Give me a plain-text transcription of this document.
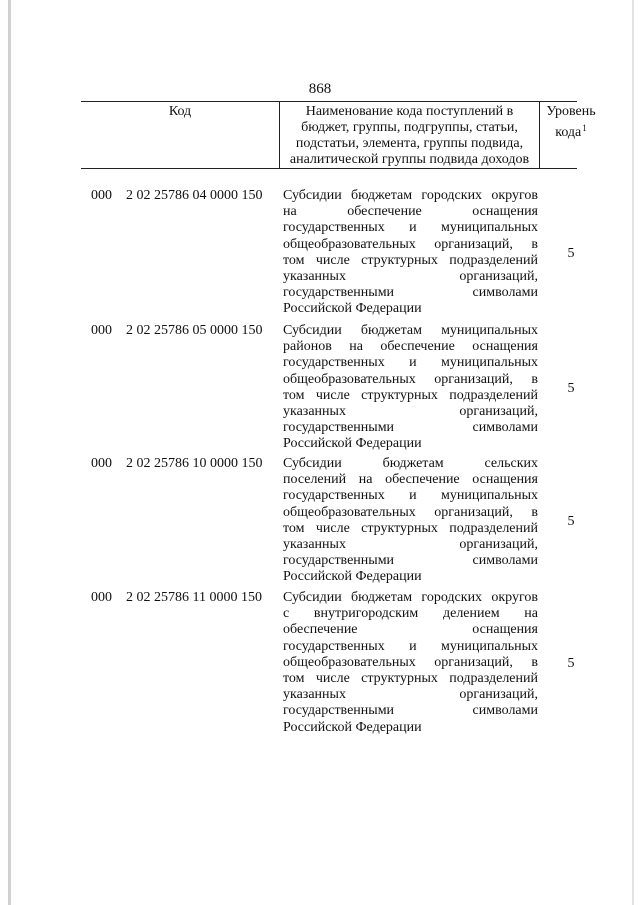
868
Код	Наименование кода поступлений в
бюджет, группы, подгруппы, статьи,
подстатьи, элемента, группы подвида,
аналитической группы подвида доходов
Уровень
кода$^1$
000 2 02 25786 04 0000 150 Субсидии бюджетам городских округов
на обеспечение оснащения
государственных и муниципальных
общеобразовательных организаций, в
том числе структурных подразделений
указанных организаций,
государственными символами
Российской Федерации
5
000 2 02 25786 05 0000 150 Субсидии бюджетам муниципальных
районов на обеспечение оснащения
государственных и муниципальных
общеобразовательных организаций, в
том числе структурных подразделений
указанных организаций,
государственными символами
Российской Федерации
5
000 2 02 25786 10 0000 150 Субсидии бюджетам сельских
поселений на обеспечение оснащения
государственных и муниципальных
общеобразовательных организаций, в
том числе структурных подразделений
указанных организаций,
государственными символами
Российской Федерации
5
000 2 02 25786 11 0000 150 Субсидии бюджетам городских округов
с внутригородским делением на
обеспечение оснащения
государственных и муниципальных
общеобразовательных организаций, в
том числе структурных подразделений
указанных организаций,
государственными символами
Российской Федерации
5
